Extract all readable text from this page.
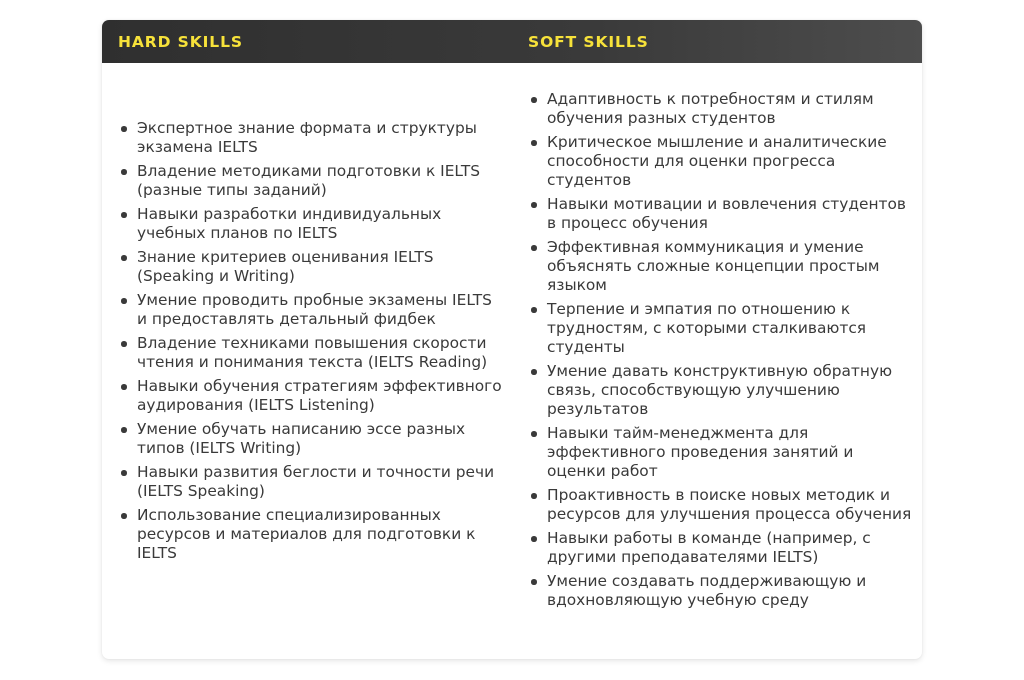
HARD SKILLS	SOFT SKILLS
Экспертное знание формата и структуры экзамена IELTS
Владение методиками подготовки к IELTS (разные типы заданий)
Навыки разработки индивидуальных учебных планов по IELTS
Знание критериев оценивания IELTS (Speaking и Writing)
Умение проводить пробные экзамены IELTS и предоставлять детальный фидбек
Владение техниками повышения скорости чтения и понимания текста (IELTS Reading)
Навыки обучения стратегиям эффективного аудирования (IELTS Listening)
Умение обучать написанию эссе разных типов (IELTS Writing)
Навыки развития беглости и точности речи (IELTS Speaking)
Использование специализированных ресурсов и материалов для подготовки к IELTS
Адаптивность к потребностям и стилям обучения разных студентов
Критическое мышление и аналитические способности для оценки прогресса студентов
Навыки мотивации и вовлечения студентов в процесс обучения
Эффективная коммуникация и умение объяснять сложные концепции простым языком
Терпение и эмпатия по отношению к трудностям, с которыми сталкиваются студенты
Умение давать конструктивную обратную связь, способствующую улучшению результатов
Навыки тайм-менеджмента для эффективного проведения занятий и оценки работ
Проактивность в поиске новых методик и ресурсов для улучшения процесса обучения
Навыки работы в команде (например, с другими преподавателями IELTS)
Умение создавать поддерживающую и вдохновляющую учебную среду
